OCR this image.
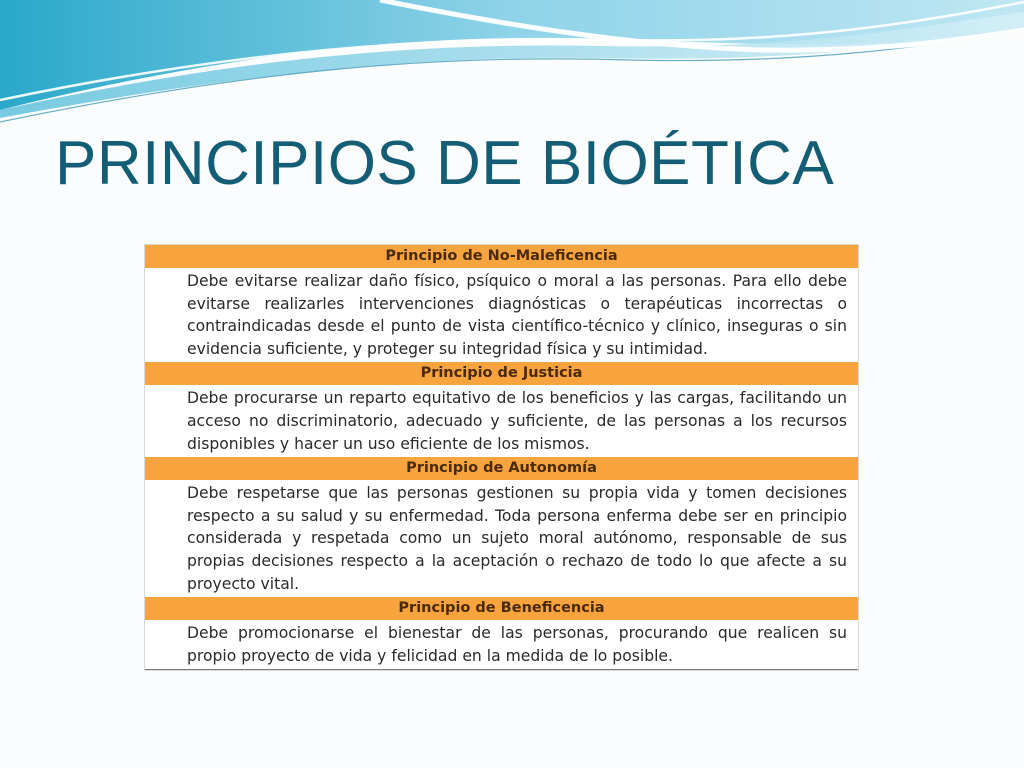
PRINCIPIOS DE BIOÉTICA
Principio de No-Maleficencia
Debe evitarse realizar daño físico, psíquico o moral a las personas. Para ello debe evitarse realizarles intervenciones diagnósticas o terapéuticas incorrectas o contraindicadas desde el punto de vista científico-técnico y clínico, inseguras o sin evidencia suficiente, y proteger su integridad física y su intimidad.
Principio de Justicia
Debe procurarse un reparto equitativo de los beneficios y las cargas, facilitando un acceso no discriminatorio, adecuado y suficiente, de las personas a los recursos disponibles y hacer un uso eficiente de los mismos.
Principio de Autonomía
Debe respetarse que las personas gestionen su propia vida y tomen decisiones respecto a su salud y su enfermedad. Toda persona enferma debe ser en principio considerada y respetada como un sujeto moral autónomo, responsable de sus propias decisiones respecto a la aceptación o rechazo de todo lo que afecte a su proyecto vital.
Principio de Beneficencia
Debe promocionarse el bienestar de las personas, procurando que realicen su propio proyecto de vida y felicidad en la medida de lo posible.
